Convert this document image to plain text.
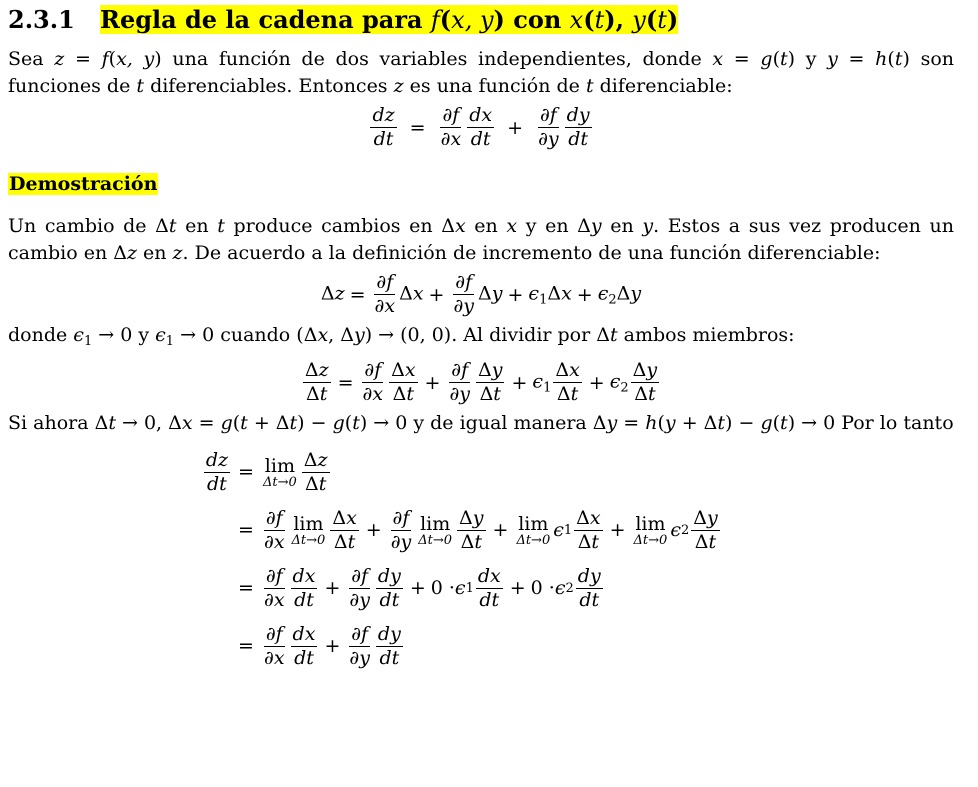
2.3.1 Regla de la cadena para f(x, y) con x(t), y(t)

Sea z = f(x, y) una función de dos variables independientes, donde x = g(t) y y = h(t) son funciones de t diferenciables. Entonces z es una función de t diferenciable:

$\frac{dz}{dt} = \frac{\partial f}{\partial x} \frac{dx}{dt} + \frac{\partial f}{\partial y} \frac{dy}{dt}$
Demostración

Un cambio de Δt en t produce cambios en Δx en x y en Δy en y. Estos a sus vez producen un cambio en Δz en z. De acuerdo a la definición de incremento de una función diferenciable:

$\Delta z = \frac{\partial f}{\partial x}$ $\Delta x + \frac{\partial f}{\partial y}$ $\Delta y + \epsilon_1\Delta x + \epsilon_2\Delta y$

donde $\epsilon_1 \to 0$ y $\epsilon_1 \to 0$ cuando (Δx, Δy) → (0, 0). Al dividir por Δt ambos miembros:

$\frac{\Delta z}{\Delta t} = \frac{\partial f}{\partial x} \frac{\Delta x}{\Delta t} + \frac{\partial f}{\partial y} \frac{\Delta y}{\Delta t} + \epsilon_1 \frac{\Delta x}{\Delta t} + \epsilon_2 \frac{\Delta y}{\Delta t}$

Si ahora Δt → 0, Δx = g(t + Δt) − g(t) → 0 y de igual manera Δy = h(y + Δt) − g(t) → 0 Por lo tanto

$\frac{dz}{dt} = \lim$
Δt→0
Δz
Δt
= $\frac{\partial f}{\partial x}$ lim
Δt→0
Δx
Δt
+ $\frac{\partial f}{\partial y}$ lim
Δt→0
Δy
Δt
+ lim
Δt→0 ϵ 1
Δx
Δt
+ lim
Δt→0 ϵ 2
Δy
Δt
= $\frac{\partial f}{\partial x}$ dx
dt
+ $\frac{\partial f}{\partial y}$ dy
dt
+ 0 · ϵ 1
dx
dt
+ 0 · ϵ 2
dy
dt
= $\frac{\partial f}{\partial x}$ dx
dt
+ $\frac{\partial f}{\partial y}$ dy
dt
